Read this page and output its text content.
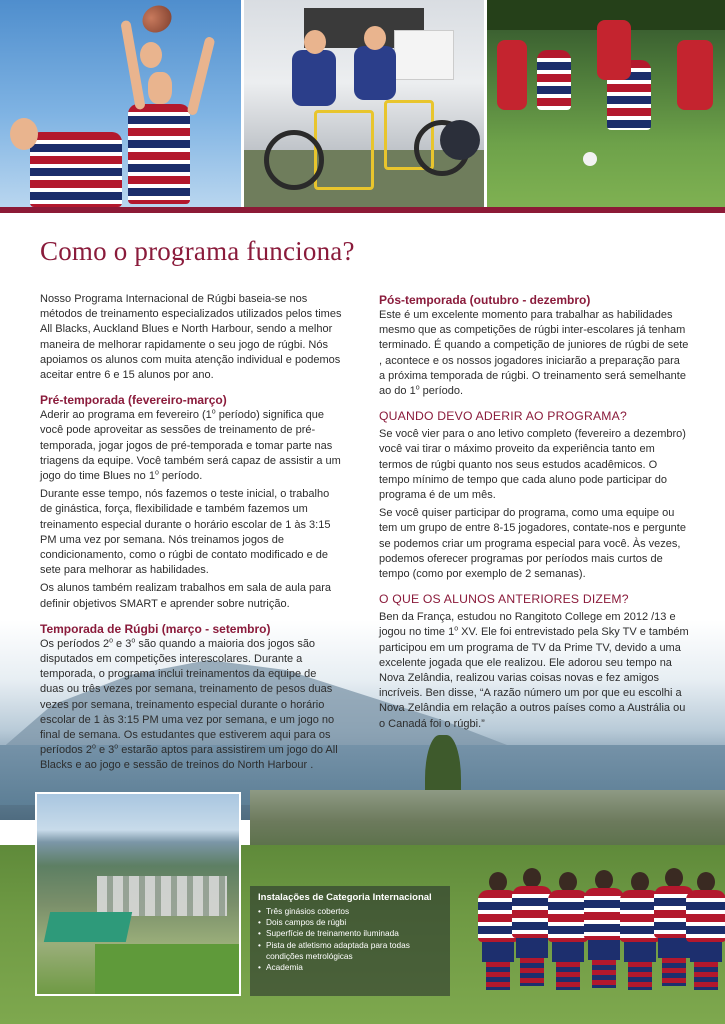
Instalações de Categoria Internacional
• Três ginásios cobertos
• Dois campos de rúgbi
• Superfície de treinamento iluminada
• Pista de atletismo adaptada para todas condições metrológicas
• Academia
Como o programa funciona?

Nosso Programa Internacional de Rúgbi baseia-se nos métodos de treinamento especializados utilizados pelos times All Blacks, Auckland Blues e North Harbour, sendo a melhor maneira de melhorar rapidamente o seu jogo de rúgbi. Nós apoiamos os alunos com muita atenção individual e podemos aceitar entre 6 e 15 alunos por ano.

Pré-temporada (fevereiro-março)

Aderir ao programa em fevereiro (1$^o$ período) significa que você pode aproveitar as sessões de treinamento de pré-temporada, jogar jogos de pré-temporada e tomar parte nas triagens da equipe. Você também será capaz de assistir a um jogo do time Blues no 1$^o$ período.

Durante esse tempo, nós fazemos o teste inicial, o trabalho de ginástica, força, flexibilidade e também fazemos um treinamento especial durante o horário escolar de 1 às 3:15 PM uma vez por semana. Nós treinamos jogos de condicionamento, como o rúgbi de contato modificado e de sete para melhorar as habilidades.

Os alunos também realizam trabalhos em sala de aula para definir objetivos SMART e aprender sobre nutrição.

Temporada de Rúgbi (março - setembro)

Os períodos 2$^o$ e 3$^o$ são quando a maioria dos jogos são disputados em competições interescolares. Durante a temporada, o programa inclui treinamentos da equipe de duas ou três vezes por semana, treinamento de pesos duas vezes por semana, treinamento especial durante o horário escolar de 1 às 3:15 PM uma vez por semana, e um jogo no final de semana. Os estudantes que estiverem aqui para os períodos 2$^o$ e 3$^o$ estarão aptos para assistirem um jogo do All Blacks e ao jogo e sessão de treinos do North Harbour .

Pós-temporada (outubro - dezembro)

Este é um excelente momento para trabalhar as habilidades mesmo que as competições de rúgbi inter-escolares já tenham terminado. É quando a competição de juniores de rúgbi de sete , acontece e os nossos jogadores iniciarão a preparação para a próxima temporada de rúgbi. O treinamento será semelhante ao do 1$^o$ período.

QUANDO DEVO ADERIR AO PROGRAMA?

Se você vier para o ano letivo completo (fevereiro a dezembro) você vai tirar o máximo proveito da experiência tanto em termos de rúgbi quanto nos seus estudos acadêmicos. O tempo mínimo de tempo que cada aluno pode participar do programa é de um mês.

Se você quiser participar do programa, como uma equipe ou tem um grupo de entre 8-15 jogadores, contate-nos e pergunte se podemos criar um programa especial para você. Às vezes, podemos oferecer programas por períodos mais curtos de tempo (como por exemplo de 2 semanas).

O QUE OS ALUNOS ANTERIORES DIZEM?

Ben da França, estudou no Rangitoto College em 2012 /13 e jogou no time 1$^o$ XV. Ele foi entrevistado pela Sky TV e também participou em um programa de TV da Prime TV, devido a uma excelente jogada que ele realizou. Ele adorou seu tempo na Nova Zelândia, realizou varias coisas novas e fez amigos incríveis. Ben disse, “A razão número um por que eu escolhi a Nova Zelândia em relação a outros países como a Austrália ou o Canadá foi o rúgbi.”
